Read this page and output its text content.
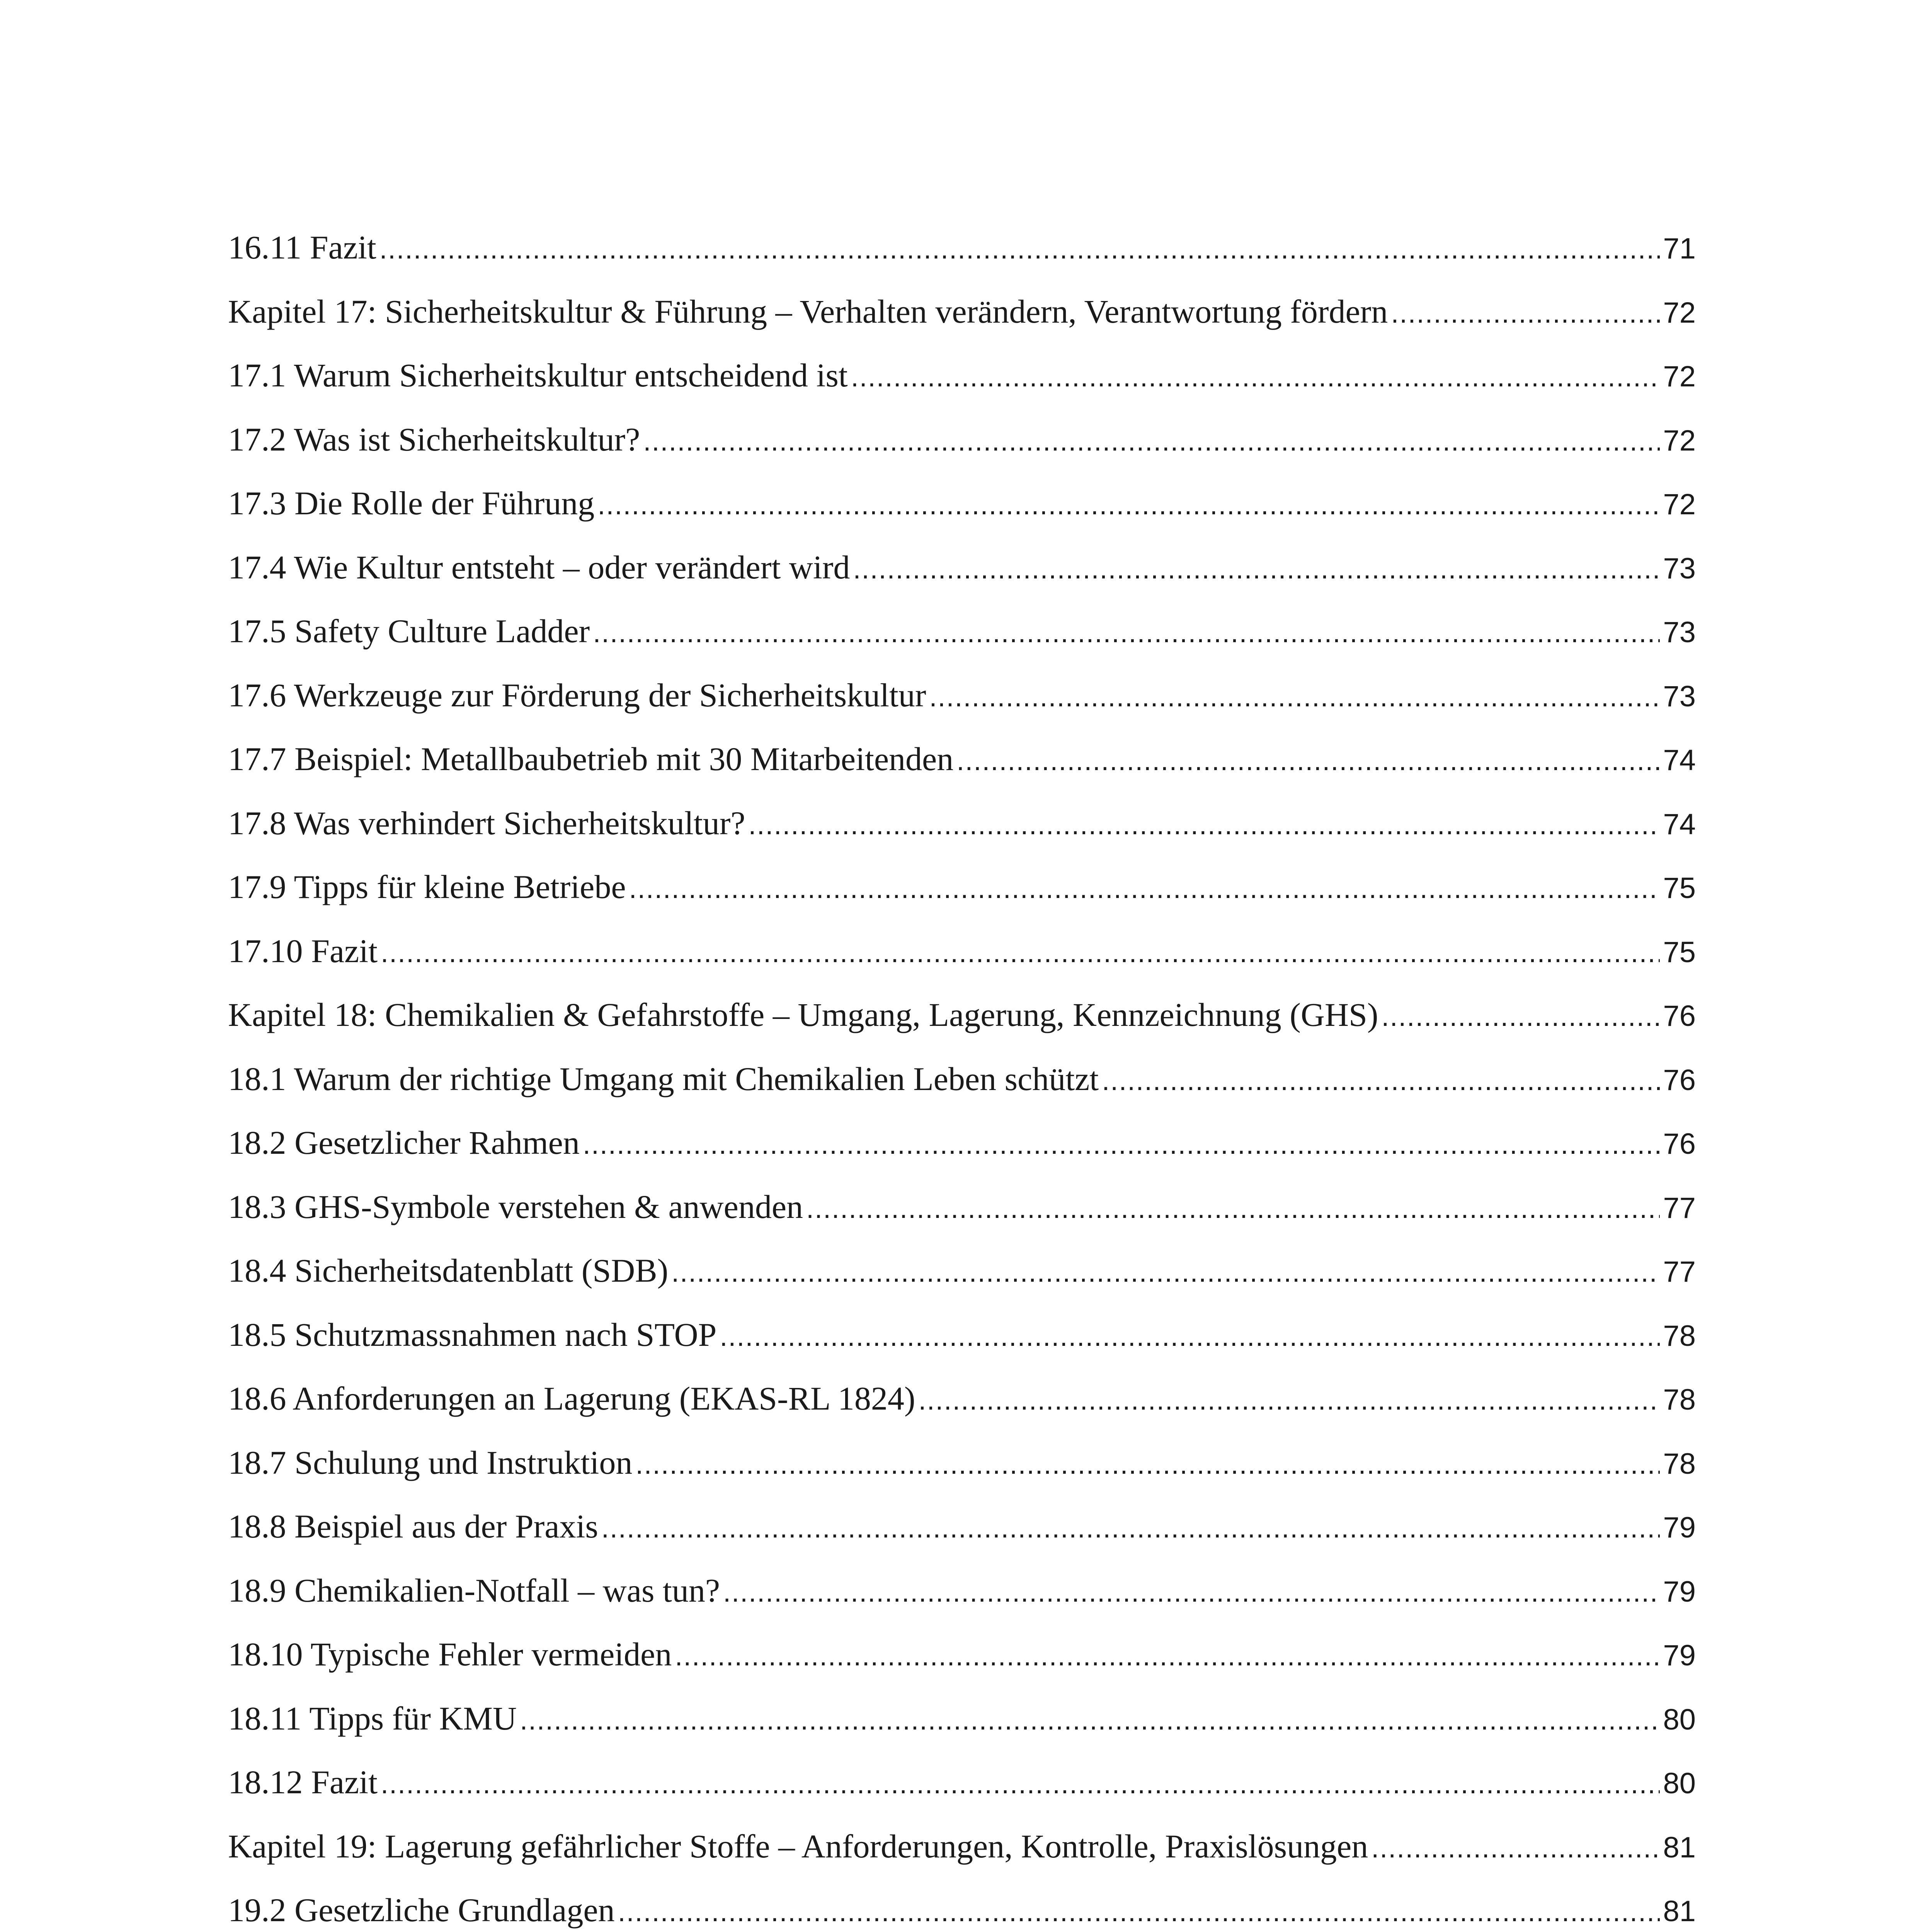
16.11 Fazit .....	71
Kapitel 17: Sicherheitskultur & Führung – Verhalten verändern, Verantwortung fördern .....	72
17.1 Warum Sicherheitskultur entscheidend ist .....	72
17.2 Was ist Sicherheitskultur? .....	72
17.3 Die Rolle der Führung .....	72
17.4 Wie Kultur entsteht – oder verändert wird .....	73
17.5 Safety Culture Ladder .....	73
17.6 Werkzeuge zur Förderung der Sicherheitskultur .....	73
17.7 Beispiel: Metallbaubetrieb mit 30 Mitarbeitenden .....	74
17.8 Was verhindert Sicherheitskultur? .....	74
17.9 Tipps für kleine Betriebe .....	75
17.10 Fazit .....	75
Kapitel 18: Chemikalien & Gefahrstoffe – Umgang, Lagerung, Kennzeichnung (GHS) .....	76
18.1 Warum der richtige Umgang mit Chemikalien Leben schützt .....	76
18.2 Gesetzlicher Rahmen .....	76
18.3 GHS-Symbole verstehen & anwenden .....	77
18.4 Sicherheitsdatenblatt (SDB) .....	77
18.5 Schutzmassnahmen nach STOP .....	78
18.6 Anforderungen an Lagerung (EKAS-RL 1824) .....	78
18.7 Schulung und Instruktion .....	78
18.8 Beispiel aus der Praxis .....	79
18.9 Chemikalien-Notfall – was tun? .....	79
18.10 Typische Fehler vermeiden .....	79
18.11 Tipps für KMU .....	80
18.12 Fazit .....	80
Kapitel 19: Lagerung gefährlicher Stoffe – Anforderungen, Kontrolle, Praxislösungen .....	81
19.2 Gesetzliche Grundlagen .....	81
